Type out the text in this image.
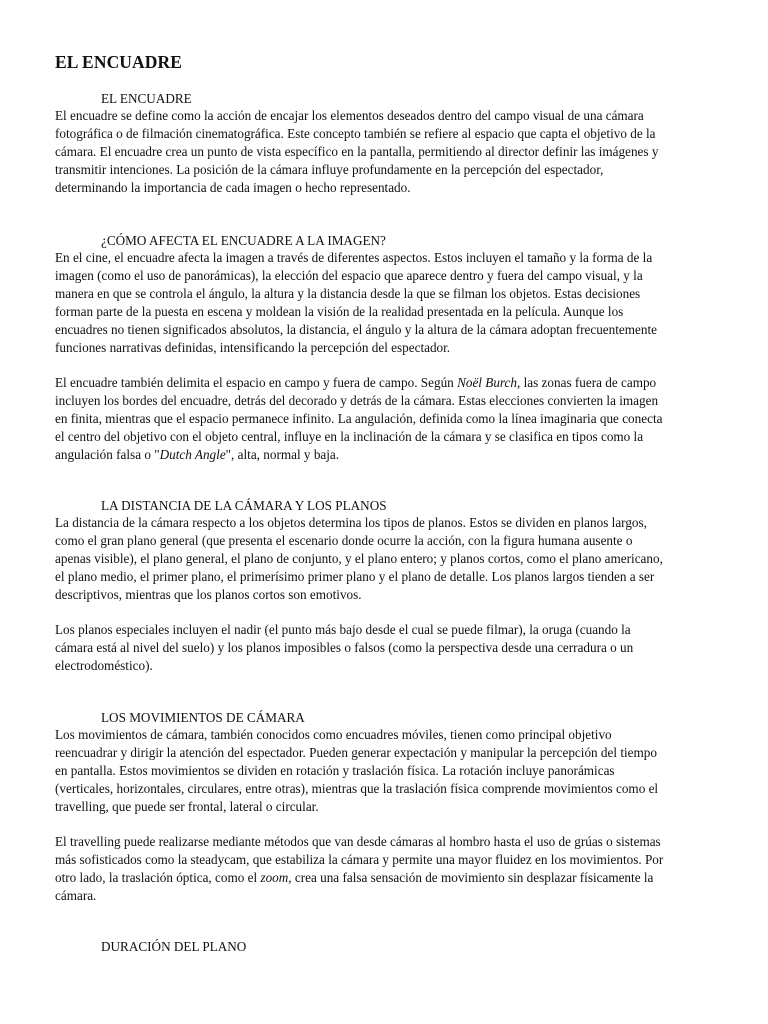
EL ENCUADRE
EL ENCUADRE
El encuadre se define como la acción de encajar los elementos deseados dentro del campo visual de una cámara
fotográfica o de filmación cinematográfica. Este concepto también se refiere al espacio que capta el objetivo de la
cámara. El encuadre crea un punto de vista específico en la pantalla, permitiendo al director definir las imágenes y
transmitir intenciones. La posición de la cámara influye profundamente en la percepción del espectador,
determinando la importancia de cada imagen o hecho representado.
¿CÓMO AFECTA EL ENCUADRE A LA IMAGEN?
En el cine, el encuadre afecta la imagen a través de diferentes aspectos. Estos incluyen el tamaño y la forma de la
imagen (como el uso de panorámicas), la elección del espacio que aparece dentro y fuera del campo visual, y la
manera en que se controla el ángulo, la altura y la distancia desde la que se filman los objetos. Estas decisiones
forman parte de la puesta en escena y moldean la visión de la realidad presentada en la película. Aunque los
encuadres no tienen significados absolutos, la distancia, el ángulo y la altura de la cámara adoptan frecuentemente
funciones narrativas definidas, intensificando la percepción del espectador.
El encuadre también delimita el espacio en campo y fuera de campo. Según Noël Burch, las zonas fuera de campo
incluyen los bordes del encuadre, detrás del decorado y detrás de la cámara. Estas elecciones convierten la imagen
en finita, mientras que el espacio permanece infinito. La angulación, definida como la línea imaginaria que conecta
el centro del objetivo con el objeto central, influye en la inclinación de la cámara y se clasifica en tipos como la
angulación falsa o "Dutch Angle", alta, normal y baja.
LA DISTANCIA DE LA CÁMARA Y LOS PLANOS
La distancia de la cámara respecto a los objetos determina los tipos de planos. Estos se dividen en planos largos,
como el gran plano general (que presenta el escenario donde ocurre la acción, con la figura humana ausente o
apenas visible), el plano general, el plano de conjunto, y el plano entero; y planos cortos, como el plano americano,
el plano medio, el primer plano, el primerísimo primer plano y el plano de detalle. Los planos largos tienden a ser
descriptivos, mientras que los planos cortos son emotivos.
Los planos especiales incluyen el nadir (el punto más bajo desde el cual se puede filmar), la oruga (cuando la
cámara está al nivel del suelo) y los planos imposibles o falsos (como la perspectiva desde una cerradura o un
electrodoméstico).
LOS MOVIMIENTOS DE CÁMARA
Los movimientos de cámara, también conocidos como encuadres móviles, tienen como principal objetivo
reencuadrar y dirigir la atención del espectador. Pueden generar expectación y manipular la percepción del tiempo
en pantalla. Estos movimientos se dividen en rotación y traslación física. La rotación incluye panorámicas
(verticales, horizontales, circulares, entre otras), mientras que la traslación física comprende movimientos como el
travelling, que puede ser frontal, lateral o circular.
El travelling puede realizarse mediante métodos que van desde cámaras al hombro hasta el uso de grúas o sistemas
más sofisticados como la steadycam, que estabiliza la cámara y permite una mayor fluidez en los movimientos. Por
otro lado, la traslación óptica, como el zoom, crea una falsa sensación de movimiento sin desplazar físicamente la
cámara.
DURACIÓN DEL PLANO
